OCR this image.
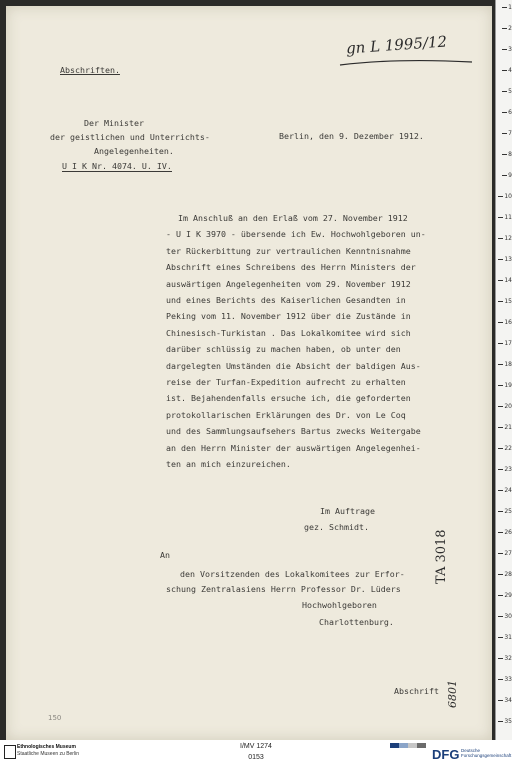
Abschriften.
Der Minister
der geistlichen und Unterrichts-
Angelegenheiten.
U I K Nr. 4074. U. IV.
Berlin, den 9. Dezember 1912.
Im Anschluß an den Erlaß vom 27. November 1912
- U I K 3970 - übersende ich Ew. Hochwohlgeboren un-
ter Rückerbittung zur vertraulichen Kenntnisnahme
Abschrift eines Schreibens des Herrn Ministers der
auswärtigen Angelegenheiten vom 29. November 1912
und eines Berichts des Kaiserlichen Gesandten in
Peking vom 11. November 1912 über die Zustände in
Chinesisch-Turkistan . Das Lokalkomitee wird sich
darüber schlüssig zu machen haben, ob unter den
dargelegten Umständen die Absicht der baldigen Aus-
reise der Turfan-Expedition aufrecht zu erhalten
ist. Bejahendenfalls ersuche ich, die geforderten
protokollarischen Erklärungen des Dr. von Le Coq
und des Sammlungsaufsehers Bartus zwecks Weitergabe
an den Herrn Minister der auswärtigen Angelegenhei-
ten an mich einzureichen.
Im Auftrage
gez. Schmidt.
An
den Vorsitzenden des Lokalkomitees zur Erfor-
schung Zentralasiens Herrn Professor Dr. Lüders
Hochwohlgeboren
Charlottenburg.
Abschrift
gn L 1995/12
TA 3018
6801
150
1
2
3
4
5
6
7
8
9
10
11
12
13
14
15
16
17
18
19
20
21
22
23
24
25
26
27
28
29
30
31
32
33
34
35
Ethnologisches Museum
Staatliche Museen zu Berlin
I/MV 1274
0153	DFG Deutsche
Forschungsgemeinschaft
